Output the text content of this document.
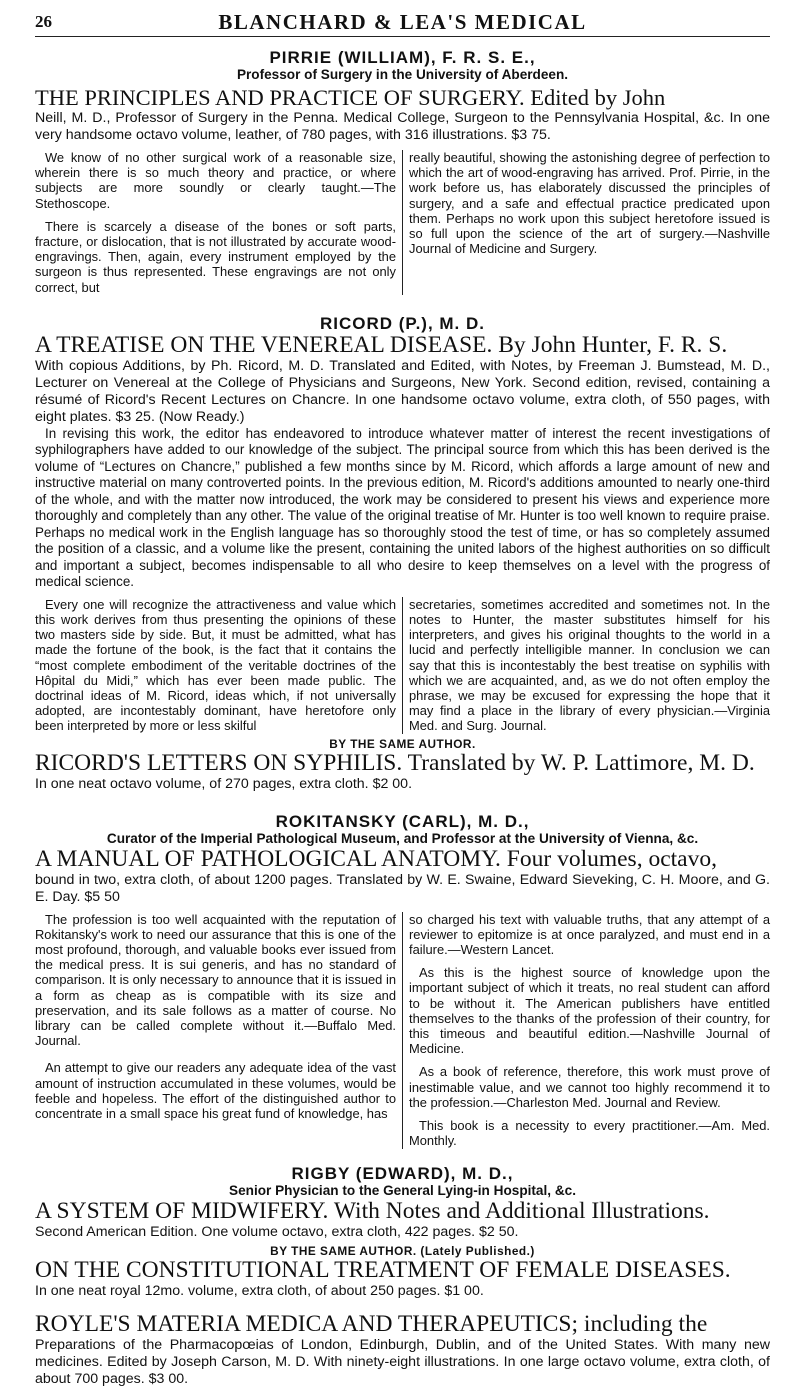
26	BLANCHARD & LEA'S MEDICAL
PIRRIE (WILLIAM), F. R. S. E.,
Professor of Surgery in the University of Aberdeen.
THE PRINCIPLES AND PRACTICE OF SURGERY. Edited by John
Neill, M. D., Professor of Surgery in the Penna. Medical College, Surgeon to the Pennsylvania Hospital, &c. In one very handsome octavo volume, leather, of 780 pages, with 316 illustrations. $3 75.

We know of no other surgical work of a reasonable size, wherein there is so much theory and practice, or where subjects are more soundly or clearly taught.—The Stethoscope.

There is scarcely a disease of the bones or soft parts, fracture, or dislocation, that is not illustrated by accurate wood-engravings. Then, again, every instrument employed by the surgeon is thus represented. These engravings are not only correct, but

really beautiful, showing the astonishing degree of perfection to which the art of wood-engraving has arrived. Prof. Pirrie, in the work before us, has elaborately discussed the principles of surgery, and a safe and effectual practice predicated upon them. Perhaps no work upon this subject heretofore issued is so full upon the science of the art of surgery.—Nashville Journal of Medicine and Surgery.

RICORD (P.), M. D.
A TREATISE ON THE VENEREAL DISEASE. By John Hunter, F. R. S.
With copious Additions, by Ph. Ricord, M. D. Translated and Edited, with Notes, by Freeman J. Bumstead, M. D., Lecturer on Venereal at the College of Physicians and Surgeons, New York. Second edition, revised, containing a résumé of Ricord's Recent Lectures on Chancre. In one handsome octavo volume, extra cloth, of 550 pages, with eight plates. $3 25. (Now Ready.)
In revising this work, the editor has endeavored to introduce whatever matter of interest the recent investigations of syphilographers have added to our knowledge of the subject. The principal source from which this has been derived is the volume of “Lectures on Chancre,” published a few months since by M. Ricord, which affords a large amount of new and instructive material on many controverted points. In the previous edition, M. Ricord's additions amounted to nearly one-third of the whole, and with the matter now introduced, the work may be considered to present his views and experience more thoroughly and completely than any other. The value of the original treatise of Mr. Hunter is too well known to require praise. Perhaps no medical work in the English language has so thoroughly stood the test of time, or has so completely assumed the position of a classic, and a volume like the present, containing the united labors of the highest authorities on so difficult and important a subject, becomes indispensable to all who desire to keep themselves on a level with the progress of medical science.

Every one will recognize the attractiveness and value which this work derives from thus presenting the opinions of these two masters side by side. But, it must be admitted, what has made the fortune of the book, is the fact that it contains the “most complete embodiment of the veritable doctrines of the Hôpital du Midi,” which has ever been made public. The doctrinal ideas of M. Ricord, ideas which, if not universally adopted, are incontestably dominant, have heretofore only been interpreted by more or less skilful

secretaries, sometimes accredited and sometimes not. In the notes to Hunter, the master substitutes himself for his interpreters, and gives his original thoughts to the world in a lucid and perfectly intelligible manner. In conclusion we can say that this is incontestably the best treatise on syphilis with which we are acquainted, and, as we do not often employ the phrase, we may be excused for expressing the hope that it may find a place in the library of every physician.—Virginia Med. and Surg. Journal.

BY THE SAME AUTHOR.
RICORD'S LETTERS ON SYPHILIS. Translated by W. P. Lattimore, M. D.
In one neat octavo volume, of 270 pages, extra cloth. $2 00.
ROKITANSKY (CARL), M. D.,
Curator of the Imperial Pathological Museum, and Professor at the University of Vienna, &c.
A MANUAL OF PATHOLOGICAL ANATOMY. Four volumes, octavo,
bound in two, extra cloth, of about 1200 pages. Translated by W. E. Swaine, Edward Sieveking, C. H. Moore, and G. E. Day. $5 50

The profession is too well acquainted with the reputation of Rokitansky's work to need our assurance that this is one of the most profound, thorough, and valuable books ever issued from the medical press. It is sui generis, and has no standard of comparison. It is only necessary to announce that it is issued in a form as cheap as is compatible with its size and preservation, and its sale follows as a matter of course. No library can be called complete without it.—Buffalo Med. Journal.

An attempt to give our readers any adequate idea of the vast amount of instruction accumulated in these volumes, would be feeble and hopeless. The effort of the distinguished author to concentrate in a small space his great fund of knowledge, has

so charged his text with valuable truths, that any attempt of a reviewer to epitomize is at once paralyzed, and must end in a failure.—Western Lancet.

As this is the highest source of knowledge upon the important subject of which it treats, no real student can afford to be without it. The American publishers have entitled themselves to the thanks of the profession of their country, for this timeous and beautiful edition.—Nashville Journal of Medicine.

As a book of reference, therefore, this work must prove of inestimable value, and we cannot too highly recommend it to the profession.—Charleston Med. Journal and Review.

This book is a necessity to every practitioner.—Am. Med. Monthly.

RIGBY (EDWARD), M. D.,
Senior Physician to the General Lying-in Hospital, &c.
A SYSTEM OF MIDWIFERY. With Notes and Additional Illustrations.
Second American Edition. One volume octavo, extra cloth, 422 pages. $2 50.
BY THE SAME AUTHOR. (Lately Published.)
ON THE CONSTITUTIONAL TREATMENT OF FEMALE DISEASES.
In one neat royal 12mo. volume, extra cloth, of about 250 pages. $1 00.
ROYLE'S MATERIA MEDICA AND THERAPEUTICS; including the
Preparations of the Pharmacopœias of London, Edinburgh, Dublin, and of the United States. With many new medicines. Edited by Joseph Carson, M. D. With ninety-eight illustrations. In one large octavo volume, extra cloth, of about 700 pages. $3 00.
